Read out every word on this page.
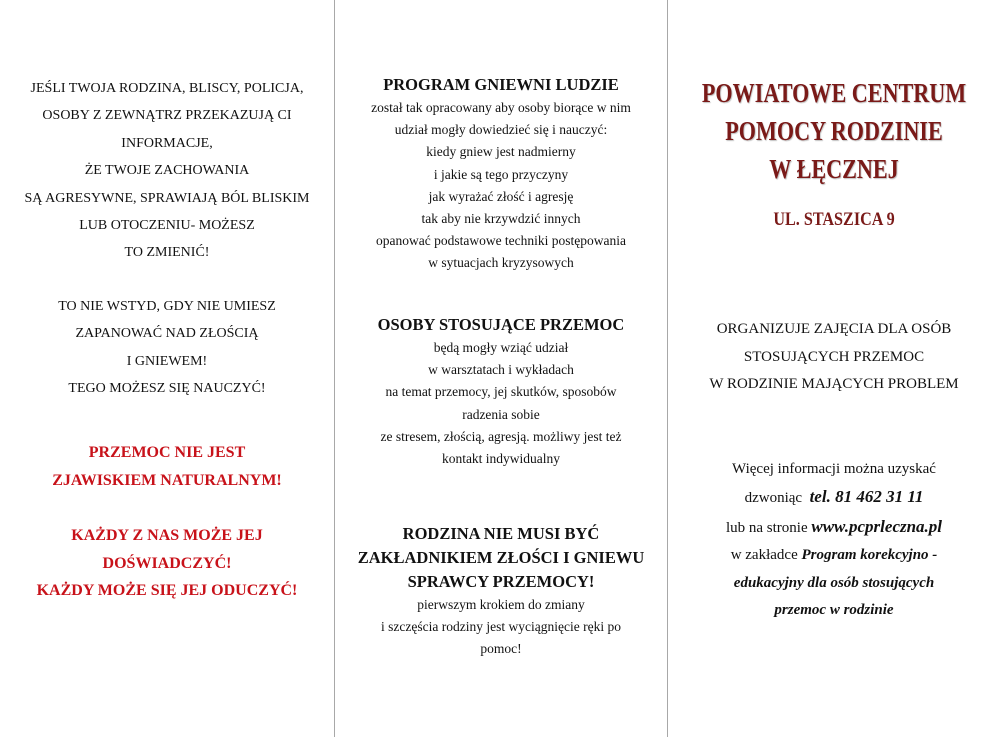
JEŚLI TWOJA RODZINA, BLISCY, POLICJA,
OSOBY Z ZEWNĄTRZ PRZEKAZUJĄ CI
INFORMACJE,
ŻE TWOJE ZACHOWANIA
SĄ AGRESYWNE, SPRAWIAJĄ BÓL BLISKIM
LUB OTOCZENIU- MOŻESZ
TO ZMIENIĆ!
TO NIE WSTYD, GDY NIE UMIESZ
ZAPANOWAĆ NAD ZŁOŚCIĄ
I GNIEWEM!
TEGO MOŻESZ SIĘ NAUCZYĆ!
PRZEMOC NIE JEST
ZJAWISKIEM NATURALNYM!
KAŻDY Z NAS MOŻE JEJ
DOŚWIADCZYĆ!
KAŻDY MOŻE SIĘ JEJ ODUCZYĆ!
PROGRAM GNIEWNI LUDZIE
został tak opracowany aby osoby biorące w nim
udział mogły dowiedzieć się i nauczyć:
kiedy gniew jest nadmierny
i jakie są tego przyczyny
jak wyrażać złość i agresję
tak aby nie krzywdzić innych
opanować podstawowe techniki postępowania
w sytuacjach kryzysowych
OSOBY STOSUJĄCE PRZEMOC
będą mogły wziąć udział
w warsztatach i wykładach
na temat przemocy, jej skutków, sposobów
radzenia sobie
ze stresem, złością, agresją. możliwy jest też
kontakt indywidualny
RODZINA NIE MUSI BYĆ
ZAKŁADNIKIEM ZŁOŚCI I GNIEWU
SPRAWCY PRZEMOCY!
pierwszym krokiem do zmiany
i szczęścia rodziny jest wyciągnięcie ręki po
pomoc!
POWIATOWE CENTRUM
POMOCY RODZINIE
W ŁĘCZNEJ
UL. STASZICA 9
ORGANIZUJE ZAJĘCIA DLA OSÓB
STOSUJĄCYCH PRZEMOC
W RODZINIE MAJĄCYCH PROBLEM
Więcej informacji można uzyskać
dzwoniąc tel. 81 462 31 11
lub na stronie www.pcprleczna.pl
w zakładce Program korekcyjno -
edukacyjny dla osób stosujących
przemoc w rodzinie
